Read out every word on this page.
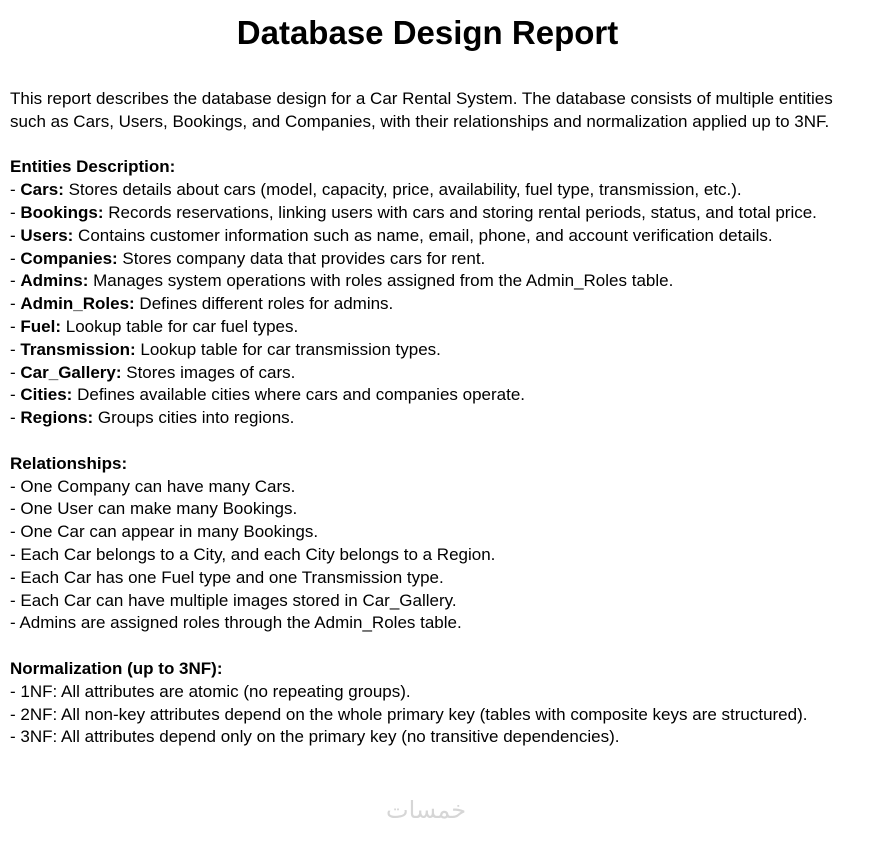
Database Design Report

This report describes the database design for a Car Rental System. The database consists of multiple entities such as Cars, Users, Bookings, and Companies, with their relationships and normalization applied up to 3NF.

Entities Description:

- Cars: Stores details about cars (model, capacity, price, availability, fuel type, transmission, etc.).

- Bookings: Records reservations, linking users with cars and storing rental periods, status, and total price.

- Users: Contains customer information such as name, email, phone, and account verification details.

- Companies: Stores company data that provides cars for rent.

- Admins: Manages system operations with roles assigned from the Admin_Roles table.

- Admin_Roles: Defines different roles for admins.

- Fuel: Lookup table for car fuel types.

- Transmission: Lookup table for car transmission types.

- Car_Gallery: Stores images of cars.

- Cities: Defines available cities where cars and companies operate.

- Regions: Groups cities into regions.

Relationships:

- One Company can have many Cars.

- One User can make many Bookings.

- One Car can appear in many Bookings.

- Each Car belongs to a City, and each City belongs to a Region.

- Each Car has one Fuel type and one Transmission type.

- Each Car can have multiple images stored in Car_Gallery.

- Admins are assigned roles through the Admin_Roles table.

Normalization (up to 3NF):

- 1NF: All attributes are atomic (no repeating groups).

- 2NF: All non-key attributes depend on the whole primary key (tables with composite keys are structured).

- 3NF: All attributes depend only on the primary key (no transitive dependencies).

خمسات
